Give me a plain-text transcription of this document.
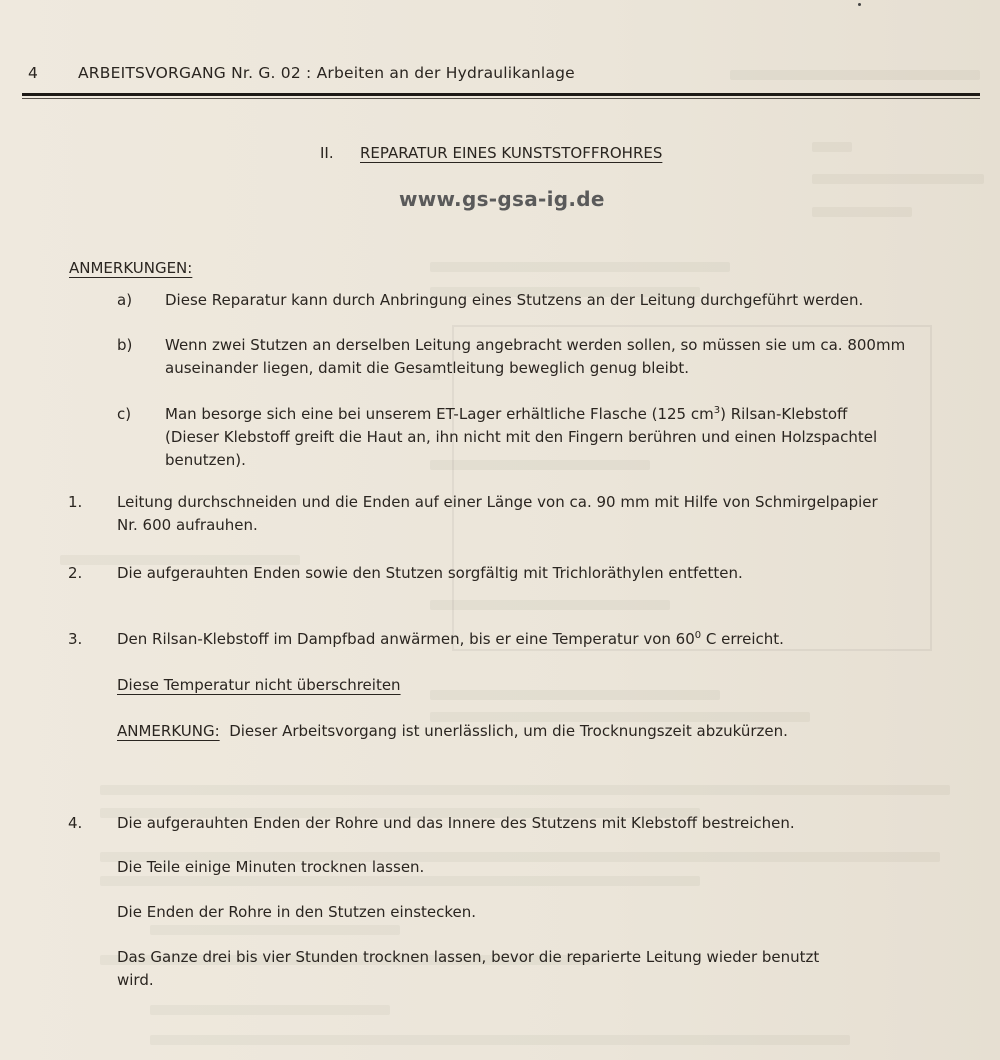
4	ARBEITSVORGANG Nr. G. 02 : Arbeiten an der Hydraulikanlage
II. REPARATUR EINES KUNSTSTOFFROHRES
www.gs-gsa-ig.de
ANMERKUNGEN:
a) Diese Reparatur kann durch Anbringung eines Stutzens an der Leitung durchgeführt werden.
b) Wenn zwei Stutzen an derselben Leitung angebracht werden sollen, so müssen sie um ca. 800mm
auseinander liegen, damit die Gesamtleitung beweglich genug bleibt.
c) Man besorge sich eine bei unserem ET-Lager erhältliche Flasche (125 $cm^3$) Rilsan-Klebstoff
(Dieser Klebstoff greift die Haut an, ihn nicht mit den Fingern berühren und einen Holzspachtel
benutzen).
1. Leitung durchschneiden und die Enden auf einer Länge von ca. 90 mm mit Hilfe von Schmirgelpapier
Nr. 600 aufrauhen.
2. Die aufgerauhten Enden sowie den Stutzen sorgfältig mit Trichloräthylen entfetten.
3. Den Rilsan-Klebstoff im Dampfbad anwärmen, bis er eine Temperatur von $60^0$ C erreicht.
Diese Temperatur nicht überschreiten
ANMERKUNG: Dieser Arbeitsvorgang ist unerlässlich, um die Trocknungszeit abzukürzen.
4. Die aufgerauhten Enden der Rohre und das Innere des Stutzens mit Klebstoff bestreichen.
Die Teile einige Minuten trocknen lassen.
Die Enden der Rohre in den Stutzen einstecken.
Das Ganze drei bis vier Stunden trocknen lassen, bevor die reparierte Leitung wieder benutzt
wird.
